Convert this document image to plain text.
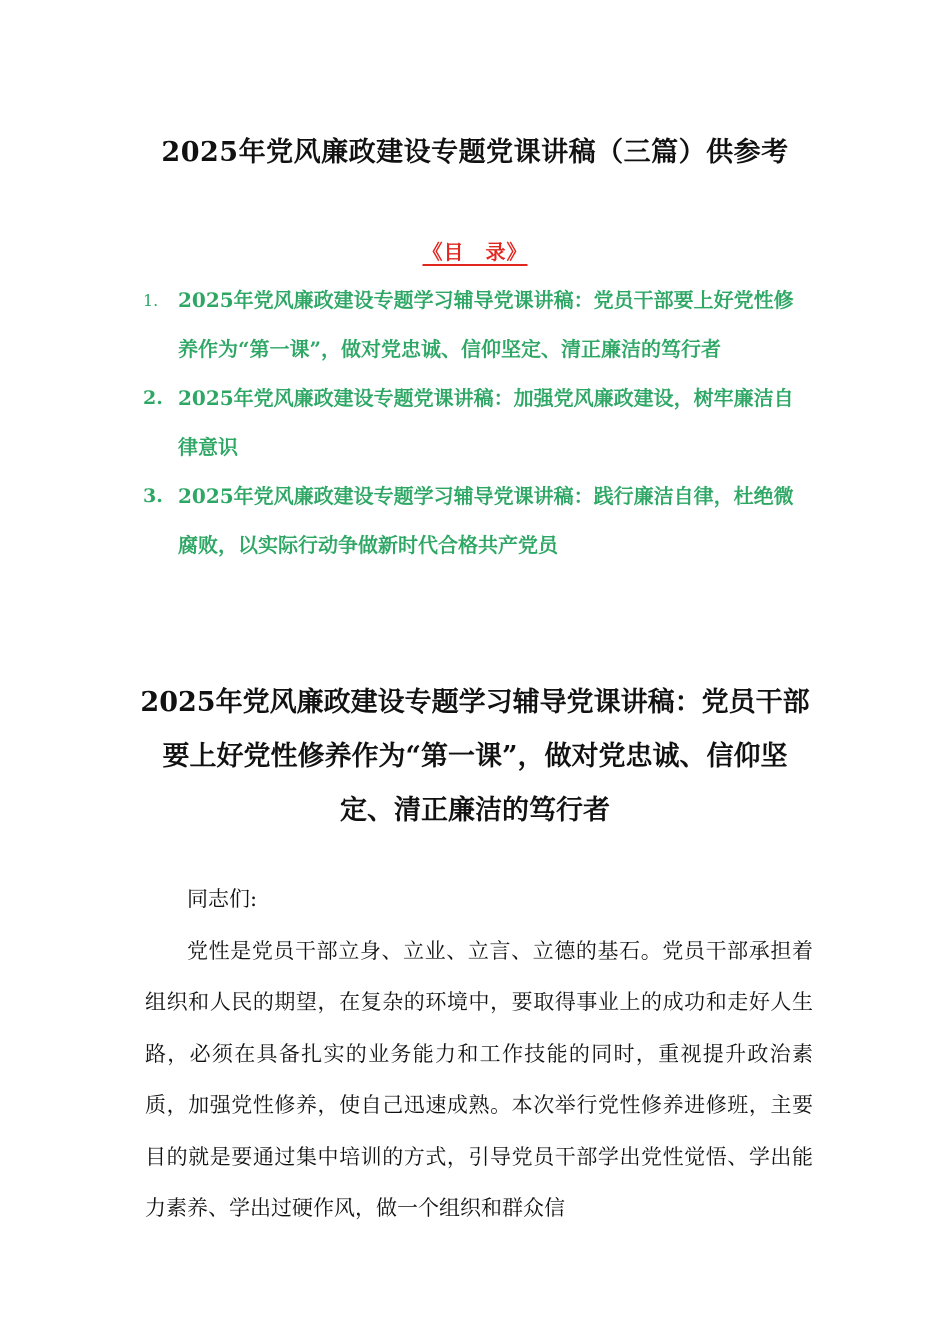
2025年党风廉政建设专题党课讲稿（三篇）供参考
《目　录》
1. 2025年党风廉政建设专题学习辅导党课讲稿：党员干部要上好党性修养作为“第一课”，做对党忠诚、信仰坚定、清正廉洁的笃行者
2. 2025年党风廉政建设专题党课讲稿：加强党风廉政建设，树牢廉洁自律意识
3. 2025年党风廉政建设专题学习辅导党课讲稿：践行廉洁自律，杜绝微腐败，以实际行动争做新时代合格共产党员
2025年党风廉政建设专题学习辅导党课讲稿：党员干部要上好党性修养作为“第一课”，做对党忠诚、信仰坚定、清正廉洁的笃行者

同志们:

党性是党员干部立身、立业、立言、立德的基石。党员干部承担着组织和人民的期望，在复杂的环境中，要取得事业上的成功和走好人生路，必须在具备扎实的业务能力和工作技能的同时，重视提升政治素质，加强党性修养，使自己迅速成熟。本次举行党性修养进修班，主要目的就是要通过集中培训的方式，引导党员干部学出党性觉悟、学出能力素养、学出过硬作风，做一个组织和群众信
